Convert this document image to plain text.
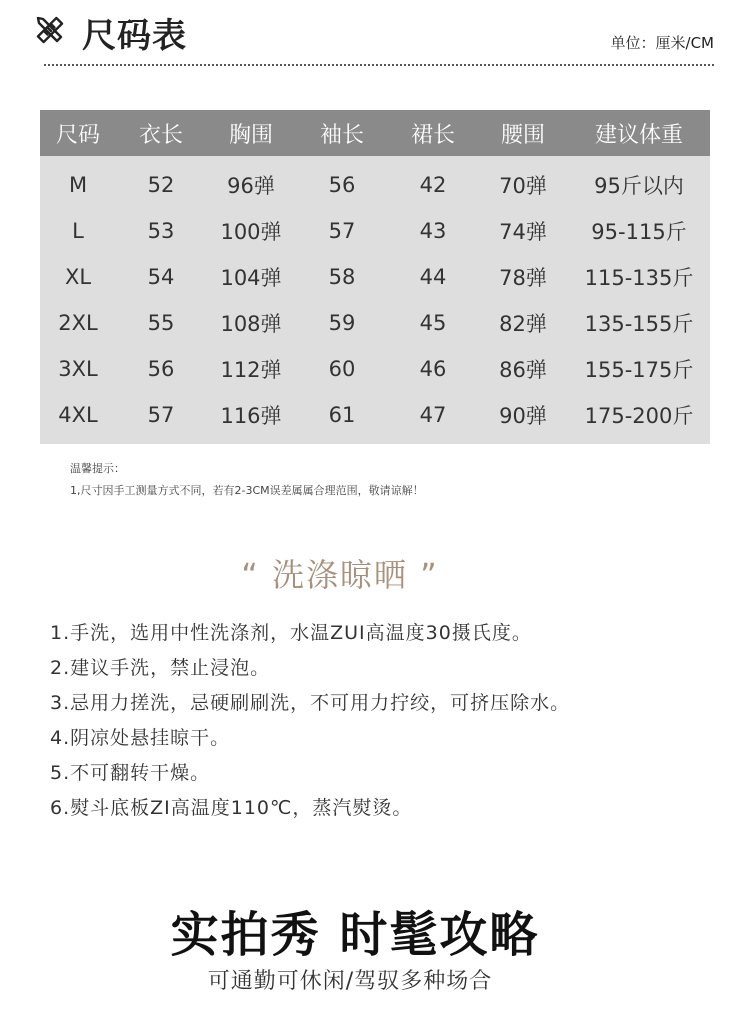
尺码表	单位：厘米/CM
尺码	衣长	胸围	袖长	裙长	腰围	建议体重
M	52	96弹	56	42	70弹	95斤以内
L	53	100弹	57	43	74弹	95-115斤
XL	54	104弹	58	44	78弹	115-135斤
2XL	55	108弹	59	45	82弹	135-155斤
3XL	56	112弹	60	46	86弹	155-175斤
4XL	57	116弹	61	47	90弹	175-200斤
温馨提示：
1,尺寸因手工测量方式不同，若有2-3CM误差属属合理范围，敬请谅解！
“ 洗涤晾晒 ”
1.手洗，选用中性洗涤剂，水温ZUI高温度30摄氏度。
2.建议手洗，禁止浸泡。
3.忌用力搓洗，忌硬刷刷洗，不可用力拧绞，可挤压除水。
4.阴凉处悬挂晾干。
5.不可翻转干燥。
6.熨斗底板ZI高温度110℃，蒸汽熨烫。
实拍秀 时髦攻略
可通勤可休闲/驾驭多种场合
